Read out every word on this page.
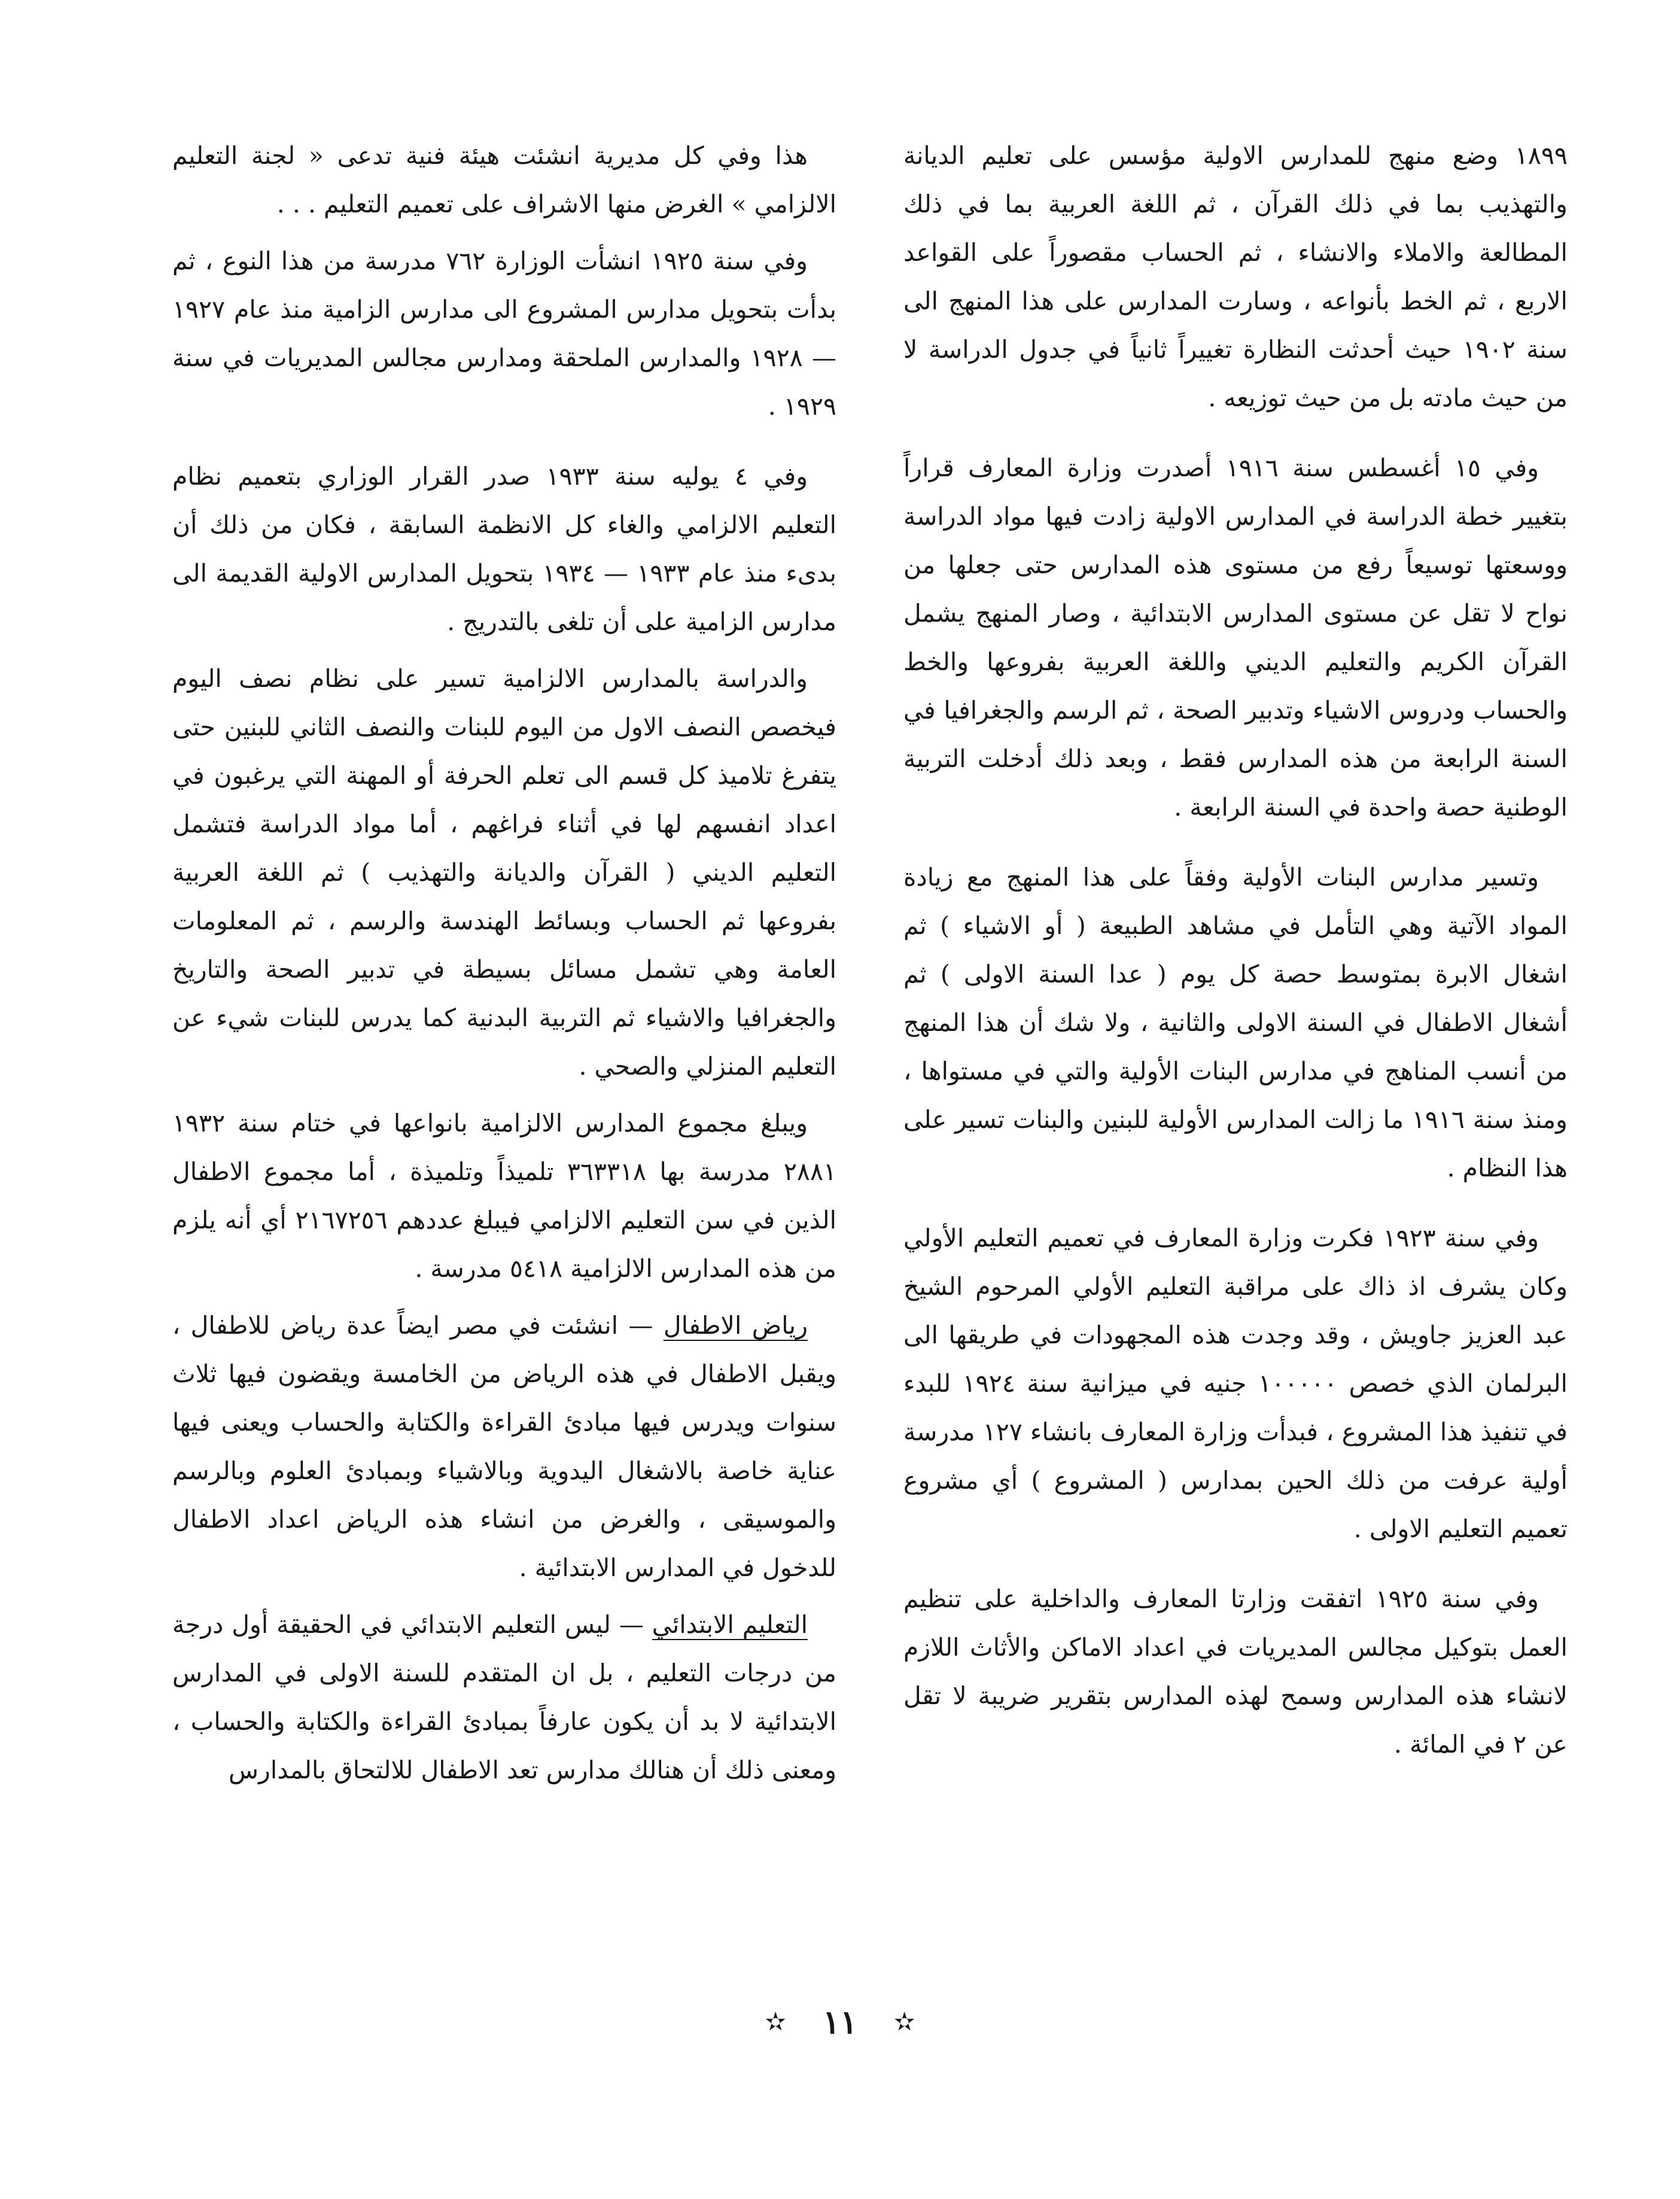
١٨٩٩ وضع منهج للمدارس الاولية مؤسس على تعليم الديانة والتهذيب بما في ذلك القرآن ، ثم اللغة العربية بما في ذلك المطالعة والاملاء والانشاء ، ثم الحساب مقصوراً على القواعد الاربع ، ثم الخط بأنواعه ، وسارت المدارس على هذا المنهج الى سنة ١٩٠٢ حيث أحدثت النظارة تغييراً ثانياً في جدول الدراسة لا من حيث مادته بل من حيث توزيعه .

وفي ١٥ أغسطس سنة ١٩١٦ أصدرت وزارة المعارف قراراً بتغيير خطة الدراسة في المدارس الاولية زادت فيها مواد الدراسة ووسعتها توسيعاً رفع من مستوى هذه المدارس حتى جعلها من نواح لا تقل عن مستوى المدارس الابتدائية ، وصار المنهج يشمل القرآن الكريم والتعليم الديني واللغة العربية بفروعها والخط والحساب ودروس الاشياء وتدبير الصحة ، ثم الرسم والجغرافيا في السنة الرابعة من هذه المدارس فقط ، وبعد ذلك أدخلت التربية الوطنية حصة واحدة في السنة الرابعة .

وتسير مدارس البنات الأولية وفقاً على هذا المنهج مع زيادة المواد الآتية وهي التأمل في مشاهد الطبيعة ( أو الاشياء ) ثم اشغال الابرة بمتوسط حصة كل يوم ( عدا السنة الاولى ) ثم أشغال الاطفال في السنة الاولى والثانية ، ولا شك أن هذا المنهج من أنسب المناهج في مدارس البنات الأولية والتي في مستواها ، ومنذ سنة ١٩١٦ ما زالت المدارس الأولية للبنين والبنات تسير على هذا النظام .

وفي سنة ١٩٢٣ فكرت وزارة المعارف في تعميم التعليم الأولي وكان يشرف اذ ذاك على مراقبة التعليم الأولي المرحوم الشيخ عبد العزيز جاويش ، وقد وجدت هذه المجهودات في طريقها الى البرلمان الذي خصص ١٠٠٠٠٠ جنيه في ميزانية سنة ١٩٢٤ للبدء في تنفيذ هذا المشروع ، فبدأت وزارة المعارف بانشاء ١٢٧ مدرسة أولية عرفت من ذلك الحين بمدارس ( المشروع ) أي مشروع تعميم التعليم الاولى .

وفي سنة ١٩٢٥ اتفقت وزارتا المعارف والداخلية على تنظيم العمل بتوكيل مجالس المديريات في اعداد الاماكن والأثاث اللازم لانشاء هذه المدارس وسمح لهذه المدارس بتقرير ضريبة لا تقل عن ٢ في المائة .

هذا وفي كل مديرية انشئت هيئة فنية تدعى « لجنة التعليم الالزامي » الغرض منها الاشراف على تعميم التعليم . . .

وفي سنة ١٩٢٥ انشأت الوزارة ٧٦٢ مدرسة من هذا النوع ، ثم بدأت بتحويل مدارس المشروع الى مدارس الزامية منذ عام ١٩٢٧ — ١٩٢٨ والمدارس الملحقة ومدارس مجالس المديريات في سنة ١٩٢٩ .

وفي ٤ يوليه سنة ١٩٣٣ صدر القرار الوزاري بتعميم نظام التعليم الالزامي والغاء كل الانظمة السابقة ، فكان من ذلك أن بدىء منذ عام ١٩٣٣ — ١٩٣٤ بتحويل المدارس الاولية القديمة الى مدارس الزامية على أن تلغى بالتدريج .

والدراسة بالمدارس الالزامية تسير على نظام نصف اليوم فيخصص النصف الاول من اليوم للبنات والنصف الثاني للبنين حتى يتفرغ تلاميذ كل قسم الى تعلم الحرفة أو المهنة التي يرغبون في اعداد انفسهم لها في أثناء فراغهم ، أما مواد الدراسة فتشمل التعليم الديني ( القرآن والديانة والتهذيب ) ثم اللغة العربية بفروعها ثم الحساب وبسائط الهندسة والرسم ، ثم المعلومات العامة وهي تشمل مسائل بسيطة في تدبير الصحة والتاريخ والجغرافيا والاشياء ثم التربية البدنية كما يدرس للبنات شيء عن التعليم المنزلي والصحي .

ويبلغ مجموع المدارس الالزامية بانواعها في ختام سنة ١٩٣٢ ٢٨٨١ مدرسة بها ٣٦٣٣١٨ تلميذاً وتلميذة ، أما مجموع الاطفال الذين في سن التعليم الالزامي فيبلغ عددهم ٢١٦٧٢٥٦ أي أنه يلزم من هذه المدارس الالزامية ٥٤١٨ مدرسة .

رياض الاطفال — انشئت في مصر ايضاً عدة رياض للاطفال ، ويقبل الاطفال في هذه الرياض من الخامسة ويقضون فيها ثلاث سنوات ويدرس فيها مبادئ القراءة والكتابة والحساب ويعنى فيها عناية خاصة بالاشغال اليدوية وبالاشياء وبمبادئ العلوم وبالرسم والموسيقى ، والغرض من انشاء هذه الرياض اعداد الاطفال للدخول في المدارس الابتدائية .

التعليم الابتدائي — ليس التعليم الابتدائي في الحقيقة أول درجة من درجات التعليم ، بل ان المتقدم للسنة الاولى في المدارس الابتدائية لا بد أن يكون عارفاً بمبادئ القراءة والكتابة والحساب ، ومعنى ذلك أن هنالك مدارس تعد الاطفال للالتحاق بالمدارس

✫ ١١ ✫
